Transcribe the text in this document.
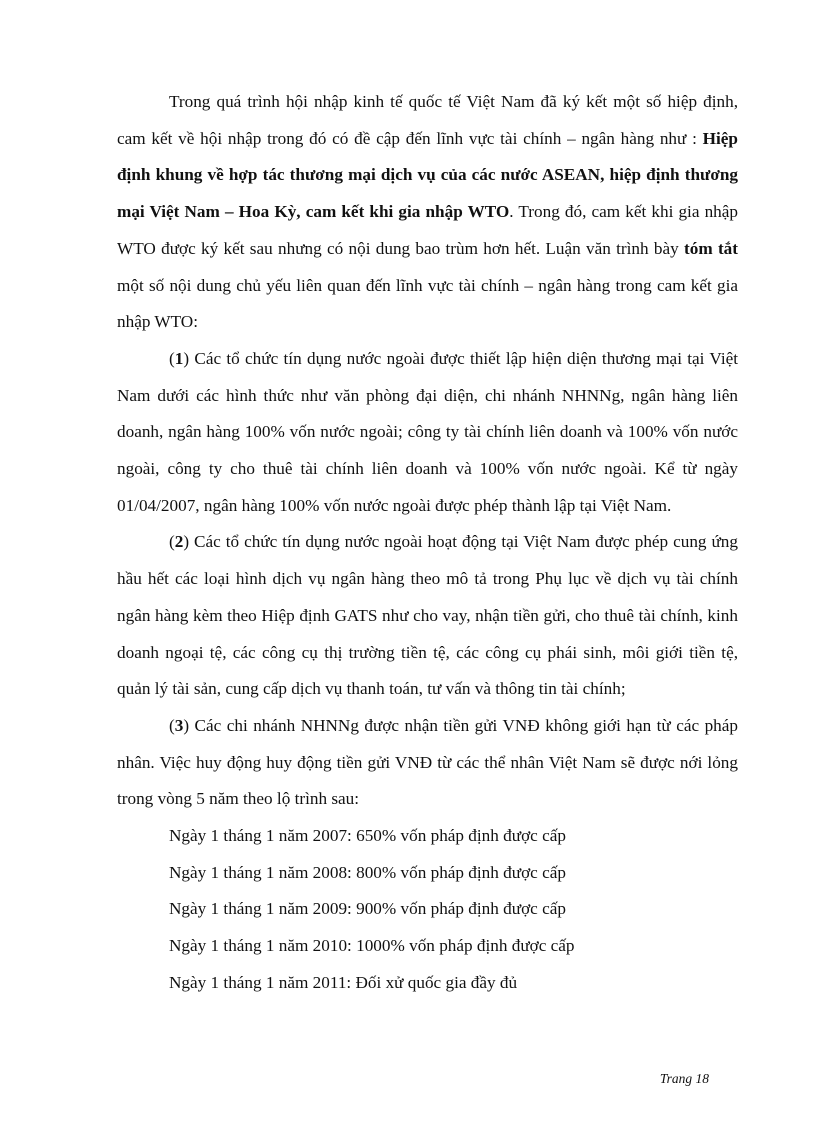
Trong quá trình hội nhập kinh tế quốc tế Việt Nam đã ký kết một số hiệp định, cam kết về hội nhập trong đó có đề cập đến lĩnh vực tài chính – ngân hàng như : Hiệp định khung về hợp tác thương mại dịch vụ của các nước ASEAN, hiệp định thương mại Việt Nam – Hoa Kỳ, cam kết khi gia nhập WTO. Trong đó, cam kết khi gia nhập WTO được ký kết sau nhưng có nội dung bao trùm hơn hết. Luận văn trình bày tóm tắt một số nội dung chủ yếu liên quan đến lĩnh vực tài chính – ngân hàng trong cam kết gia nhập WTO:

(1) Các tổ chức tín dụng nước ngoài được thiết lập hiện diện thương mại tại Việt Nam dưới các hình thức như văn phòng đại diện, chi nhánh NHNNg, ngân hàng liên doanh, ngân hàng 100% vốn nước ngoài; công ty tài chính liên doanh và 100% vốn nước ngoài, công ty cho thuê tài chính liên doanh và 100% vốn nước ngoài. Kể từ ngày 01/04/2007, ngân hàng 100% vốn nước ngoài được phép thành lập tại Việt Nam.

(2) Các tổ chức tín dụng nước ngoài hoạt động tại Việt Nam được phép cung ứng hầu hết các loại hình dịch vụ ngân hàng theo mô tả trong Phụ lục về dịch vụ tài chính ngân hàng kèm theo Hiệp định GATS như cho vay, nhận tiền gửi, cho thuê tài chính, kinh doanh ngoại tệ, các công cụ thị trường tiền tệ, các công cụ phái sinh, môi giới tiền tệ, quản lý tài sản, cung cấp dịch vụ thanh toán, tư vấn và thông tin tài chính;

(3) Các chi nhánh NHNNg được nhận tiền gửi VNĐ không giới hạn từ các pháp nhân. Việc huy động huy động tiền gửi VNĐ từ các thể nhân Việt Nam sẽ được nới lỏng trong vòng 5 năm theo lộ trình sau:

Ngày 1 tháng 1 năm 2007: 650% vốn pháp định được cấp
Ngày 1 tháng 1 năm 2008: 800% vốn pháp định được cấp
Ngày 1 tháng 1 năm 2009: 900% vốn pháp định được cấp
Ngày 1 tháng 1 năm 2010: 1000% vốn pháp định được cấp
Ngày 1 tháng 1 năm 2011: Đối xử quốc gia đầy đủ
Trang 18
